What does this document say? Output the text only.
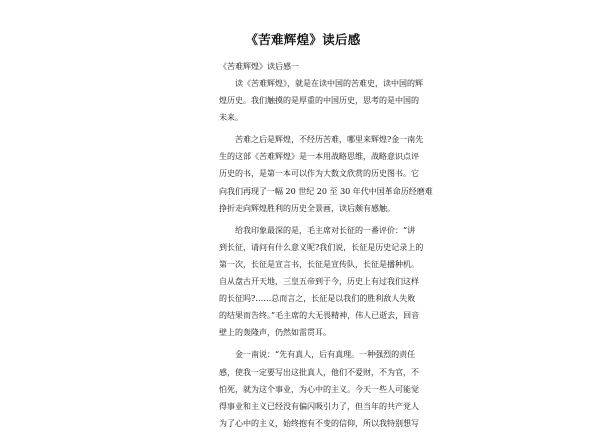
《苦难辉煌》读后感
《苦难辉煌》读后感一
读《苦难辉煌》，就是在读中国的苦难史，读中国的辉
煌历史。我们触摸的是厚重的中国历史，思考的是中国的
未来。
苦难之后是辉煌，不经历苦难，哪里来辉煌?金一南先
生的这部《苦难辉煌》是一本用战略思维，战略意识点评
历史的书，是第一本可以作为大数文欣赏的历史图书。它
向我们再现了一幅 20 世纪 20 至 30 年代中国革命历经磨难
挣折走向辉煌胜利的历史全景画，读后颇有感触。
给我印象最深的是，毛主席对长征的一番评价：“讲
到长征，请问有什么意义呢?我们说，长征是历史记录上的
第一次，长征是宣言书，长征是宣传队，长征是播种机。
自从盘古开天地，三皇五帝到于今，历史上有过我们这样
的长征吗?……总而言之，长征是以我们的胜利敌人失败
的结果而告终。”毛主席的大无畏精神，伟人已逝去，回音
壁上的轰隆声，仍然如雷贯耳。
金一南说：“先有真人，后有真理。一种强烈的责任
感，使我一定要写出这批真人，他们不爱财，不为官，不
怕死，就为这个事业，为心中的主义。今天一些人可能觉
得事业和主义已经没有偏闪吸引力了，但当年的共产党人
为了心中的主义，始终抱有不变的信仰，所以我特别想写
